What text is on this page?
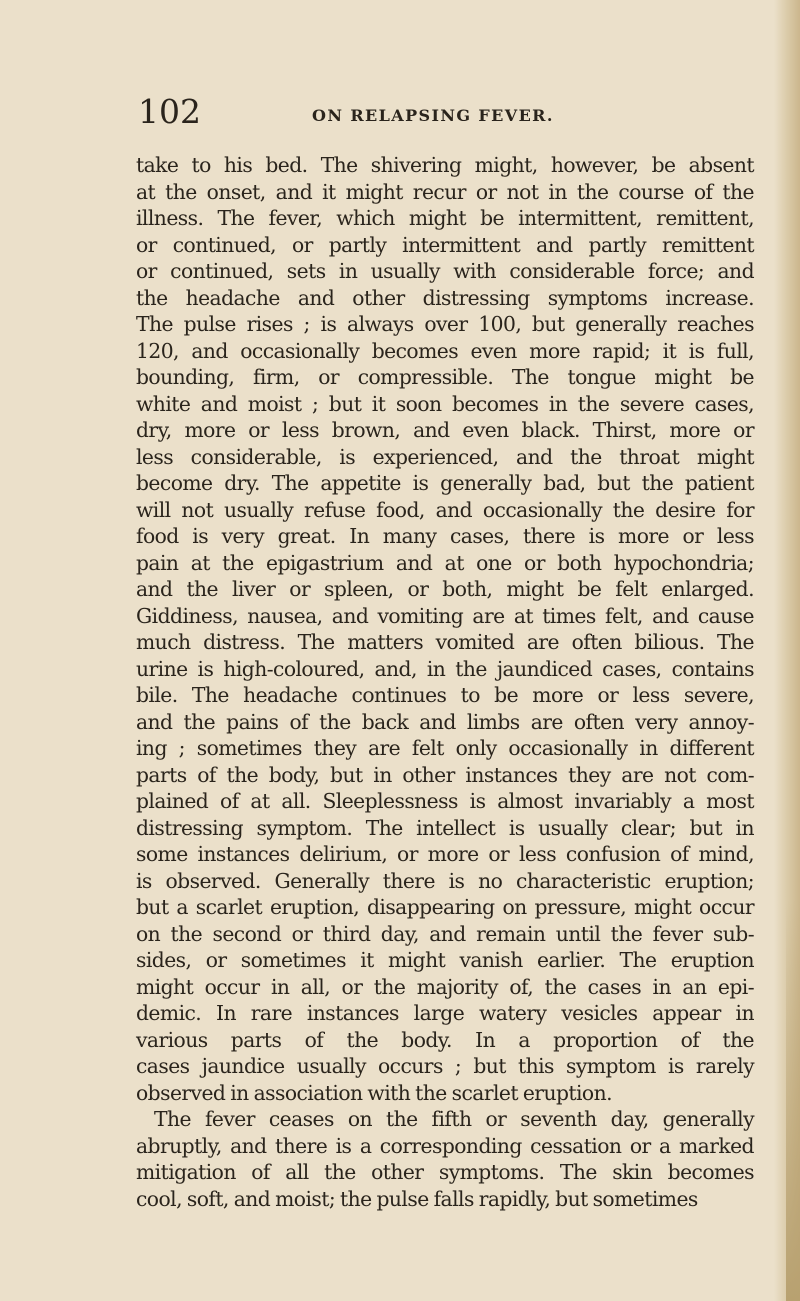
102	ON RELAPSING FEVER.
take to his bed. The shivering might, however, be absent
at the onset, and it might recur or not in the course of the
illness. The fever, which might be intermittent, remittent,
or continued, or partly intermittent and partly remittent
or continued, sets in usually with considerable force; and
the headache and other distressing symptoms increase.
The pulse rises ; is always over 100, but generally reaches
120, and occasionally becomes even more rapid; it is full,
bounding, firm, or compressible. The tongue might be
white and moist ; but it soon becomes in the severe cases,
dry, more or less brown, and even black. Thirst, more or
less considerable, is experienced, and the throat might
become dry. The appetite is generally bad, but the patient
will not usually refuse food, and occasionally the desire for
food is very great. In many cases, there is more or less
pain at the epigastrium and at one or both hypochondria;
and the liver or spleen, or both, might be felt enlarged.
Giddiness, nausea, and vomiting are at times felt, and cause
much distress. The matters vomited are often bilious. The
urine is high-coloured, and, in the jaundiced cases, contains
bile. The headache continues to be more or less severe,
and the pains of the back and limbs are often very annoy-
ing ; sometimes they are felt only occasionally in different
parts of the body, but in other instances they are not com-
plained of at all. Sleeplessness is almost invariably a most
distressing symptom. The intellect is usually clear; but in
some instances delirium, or more or less confusion of mind,
is observed. Generally there is no characteristic eruption;
but a scarlet eruption, disappearing on pressure, might occur
on the second or third day, and remain until the fever sub-
sides, or sometimes it might vanish earlier. The eruption
might occur in all, or the majority of, the cases in an epi-
demic. In rare instances large watery vesicles appear in
various parts of the body. In a proportion of the
cases jaundice usually occurs ; but this symptom is rarely
observed in association with the scarlet eruption.
The fever ceases on the fifth or seventh day, generally
abruptly, and there is a corresponding cessation or a marked
mitigation of all the other symptoms. The skin becomes
cool, soft, and moist; the pulse falls rapidly, but sometimes
